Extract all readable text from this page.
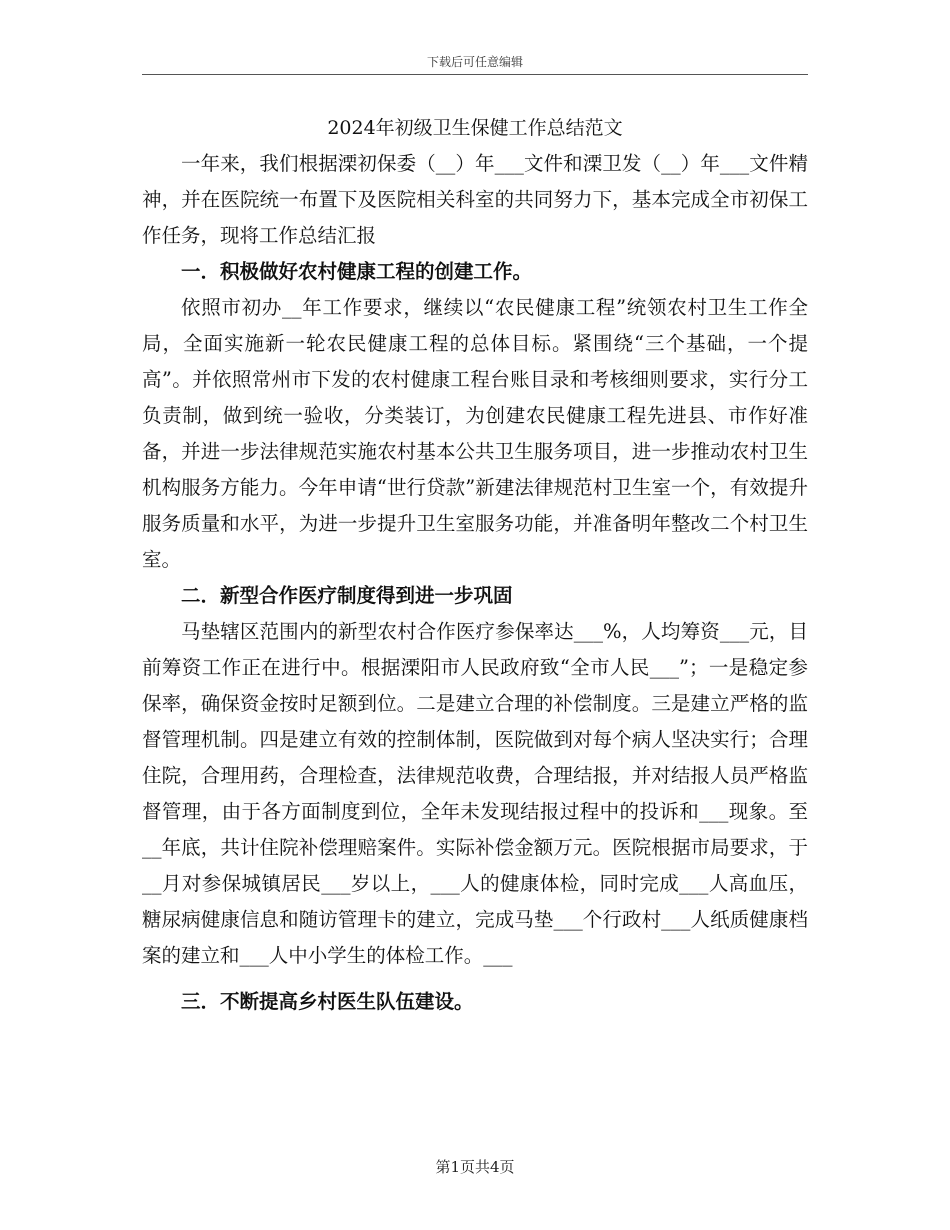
下载后可任意编辑
2024年初级卫生保健工作总结范文

一年来，我们根据溧初保委（__）年___文件和溧卫发（__）年___文件精神，并在医院统一布置下及医院相关科室的共同努力下，基本完成全市初保工作任务，现将工作总结汇报

一．积极做好农村健康工程的创建工作。

依照市初办__年工作要求，继续以“农民健康工程”统领农村卫生工作全局，全面实施新一轮农民健康工程的总体目标。紧围绕“三个基础，一个提高”。并依照常州市下发的农村健康工程台账目录和考核细则要求，实行分工负责制，做到统一验收，分类装订，为创建农民健康工程先进县、市作好准备，并进一步法律规范实施农村基本公共卫生服务项目，进一步推动农村卫生机构服务方能力。今年申请“世行贷款”新建法律规范村卫生室一个，有效提升服务质量和水平，为进一步提升卫生室服务功能，并准备明年整改二个村卫生室。

二．新型合作医疗制度得到进一步巩固

马垫辖区范围内的新型农村合作医疗参保率达___%，人均筹资___元，目前筹资工作正在进行中。根据溧阳市人民政府致“全市人民___”；一是稳定参保率，确保资金按时足额到位。二是建立合理的补偿制度。三是建立严格的监督管理机制。四是建立有效的控制体制，医院做到对每个病人坚决实行；合理住院，合理用药，合理检查，法律规范收费，合理结报，并对结报人员严格监督管理，由于各方面制度到位，全年未发现结报过程中的投诉和___现象。至__年底，共计住院补偿理赔案件。实际补偿金额万元。医院根据市局要求，于__月对参保城镇居民___岁以上，___人的健康体检，同时完成___人高血压，糖尿病健康信息和随访管理卡的建立，完成马垫___个行政村___人纸质健康档案的建立和___人中小学生的体检工作。___

三．不断提高乡村医生队伍建设。

第1页共4页
